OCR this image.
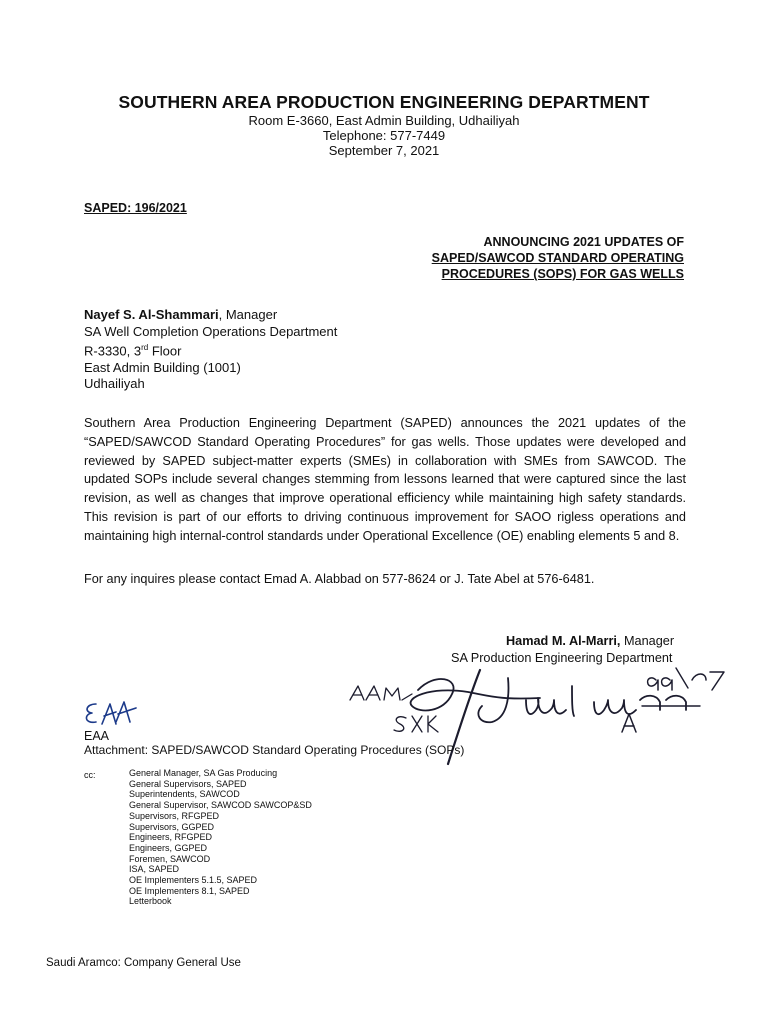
SOUTHERN AREA PRODUCTION ENGINEERING DEPARTMENT
Room E-3660, East Admin Building, Udhailiyah
Telephone: 577-7449
September 7, 2021
SAPED: 196/2021
ANNOUNCING 2021 UPDATES OF
SAPED/SAWCOD STANDARD OPERATING
PROCEDURES (SOPS) FOR GAS WELLS
Nayef S. Al-Shammari, Manager
SA Well Completion Operations Department
R-3330, 3rd Floor
East Admin Building (1001)
Udhailiyah
Southern Area Production Engineering Department (SAPED) announces the 2021 updates of the “SAPED/SAWCOD Standard Operating Procedures” for gas wells. Those updates were developed and reviewed by SAPED subject-matter experts (SMEs) in collaboration with SMEs from SAWCOD. The updated SOPs include several changes stemming from lessons learned that were captured since the last revision, as well as changes that improve operational efficiency while maintaining high safety standards. This revision is part of our efforts to driving continuous improvement for SAOO rigless operations and maintaining high internal-control standards under Operational Excellence (OE) enabling elements 5 and 8.
For any inquires please contact Emad A. Alabbad on 577-8624 or J. Tate Abel at 576-6481.
Hamad M. Al-Marri, Manager
SA Production Engineering Department
EAA
Attachment: SAPED/SAWCOD Standard Operating Procedures (SOPs)
cc:	General Manager, SA Gas Producing
General Supervisors, SAPED
Superintendents, SAWCOD
General Supervisor, SAWCOD SAWCOP&SD
Supervisors, RFGPED
Supervisors, GGPED
Engineers, RFGPED
Engineers, GGPED
Foremen, SAWCOD
ISA, SAPED
OE Implementers 5.1.5, SAPED
OE Implementers 8.1, SAPED
Letterbook
Saudi Aramco: Company General Use
